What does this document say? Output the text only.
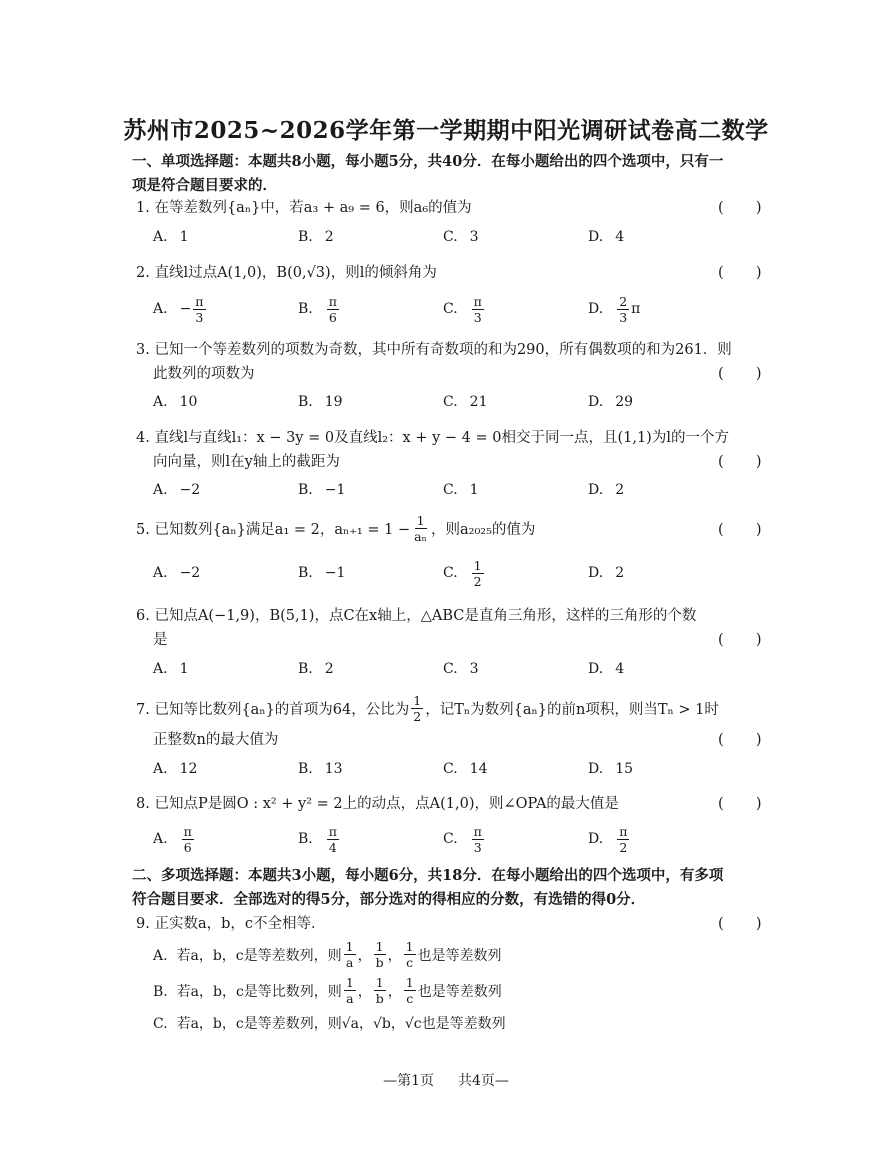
苏州市2025~2026学年第一学期期中阳光调研试卷高二数学
一、单项选择题：本题共8小题，每小题5分，共40分．在每小题给出的四个选项中，只有一
项是符合题目要求的．
1. 在等差数列{aₙ}中，若a₃ + a₉ = 6，则a₆的值为	(       )
A. 1	B. 2	C. 3	D. 4
2. 直线l过点A(1,0)，B(0,√3)，则l的倾斜角为	(       )
A. − $\frac{\pi}{3}$	B. $\frac{\pi}{6}$	C. $\frac{\pi}{3}$	D. $\frac{2}{3}$ π
3. 已知一个等差数列的项数为奇数，其中所有奇数项的和为290，所有偶数项的和为261．则
此数列的项数为	(       )
A. 10	B. 19	C. 21	D. 29
4. 直线l与直线l₁：x − 3y = 0及直线l₂：x + y − 4 = 0相交于同一点，且(1,1)为l的一个方
向向量，则l在y轴上的截距为	(       )
A. −2	B. −1	C. 1	D. 2
5. 已知数列{aₙ}满足a₁ = 2，$a_{n+1} = 1 - \frac{1}{\text{aₙ}}$ ，则a₂₀₂₅的值为	(       )
A. −2	B. −1	C. $\frac{1}{2}$	D. 2
6. 已知点A(−1,9)，B(5,1)，点C在x轴上，△ABC是直角三角形，这样的三角形的个数
是	(       )
A. 1	B. 2	C. 3	D. 4
7. 已知等比数列{aₙ}的首项为64，公比为 $\frac{1}{2}$ ，记Tₙ为数列{aₙ}的前n项积，则当Tₙ > 1时
正整数n的最大值为	(       )
A. 12	B. 13	C. 14	D. 15
8. 已知点P是圆O : x² + y² = 2上的动点，点A(1,0)，则∠OPA的最大值是	(       )
A. $\frac{\pi}{6}$	B. $\frac{\pi}{4}$	C. $\frac{\pi}{3}$	D. $\frac{\pi}{2}$
二、多项选择题：本题共3小题，每小题6分，共18分．在每小题给出的四个选项中，有多项
符合题目要求．全部选对的得5分，部分选对的得相应的分数，有选错的得0分．
9. 正实数a，b，c不全相等．	(       )
A. 若a，b，c是等差数列，则 $\frac{1}{a}$ ， $\frac{1}{b}$ ， $\frac{1}{c}$ 也是等差数列
B. 若a，b，c是等比数列，则 $\frac{1}{a}$ ， $\frac{1}{b}$ ， $\frac{1}{c}$ 也是等差数列
C. 若a，b，c是等差数列，则√a，√b，√c也是等差数列
—第1页 共4页—
